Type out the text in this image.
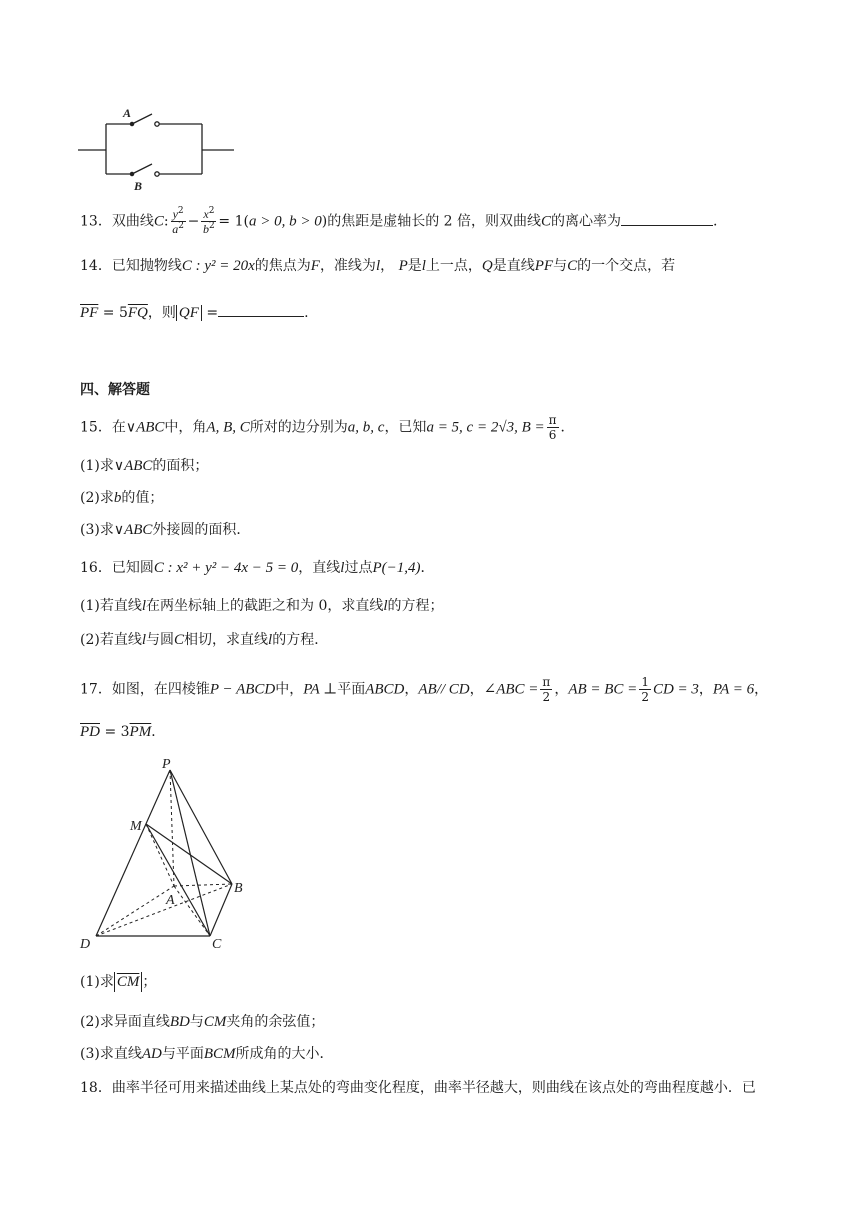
A
B
13．双曲线C: $\frac{y^2}{a^2} - \frac{x^2}{b^2} = 1(a > 0$, b > 0)的焦距是虚轴长的 2 倍，则双曲线C的离心率为	.
14．已知抛物线C : y² = 20x的焦点为F，准线为l， P是l上一点，Q是直线PF与C的一个交点，若
$\overline{PF} = 5\overline{FQ}$，则 QF =	.
四、解答题
15．在∨ABC中，角A, B, C所对的边分别为a, b, c，已知a = 5, c = 2√3, $B = \frac{\pi}{6}$ ．
(1)求∨ABC的面积；
(2)求b的值；
(3)求∨ABC外接圆的面积．
16．已知圆C : x² + y² − 4x − 5 = 0，直线l过点P(−1,4)．
(1)若直线l在两坐标轴上的截距之和为 0，求直线l的方程；
(2)若直线l与圆C相切，求直线l的方程．
17．如图，在四棱锥P − ABCD中，PA ⊥平面ABCD，AB// CD，∠ABC = $\frac{\pi}{2}$ ，AB = BC = $\frac{1}{2}$ CD = 3，PA = 6，
$\overline{PD} = 3\overline{PM}$．
P
M
A
B
C
D
(1)求 $\overline{CM}$ ；
(2)求异面直线BD与CM夹角的余弦值；
(3)求直线AD与平面BCM所成角的大小．
18．曲率半径可用来描述曲线上某点处的弯曲变化程度，曲率半径越大，则曲线在该点处的弯曲程度越小．已
